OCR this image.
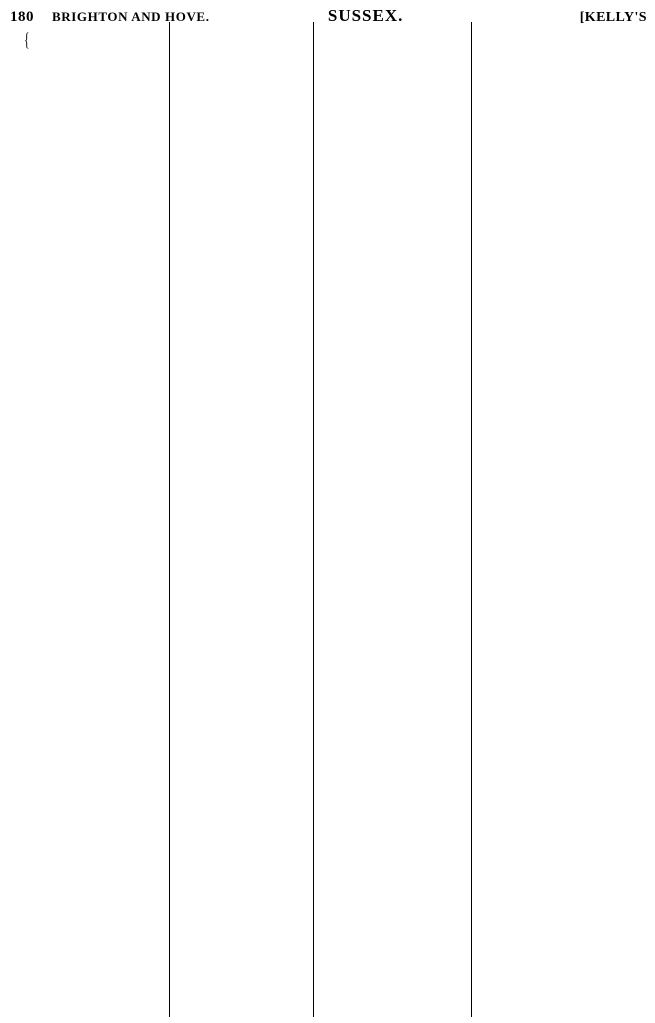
180	BRIGHTON AND HOVE.	SUSSEX.	[KELLY'S
{
